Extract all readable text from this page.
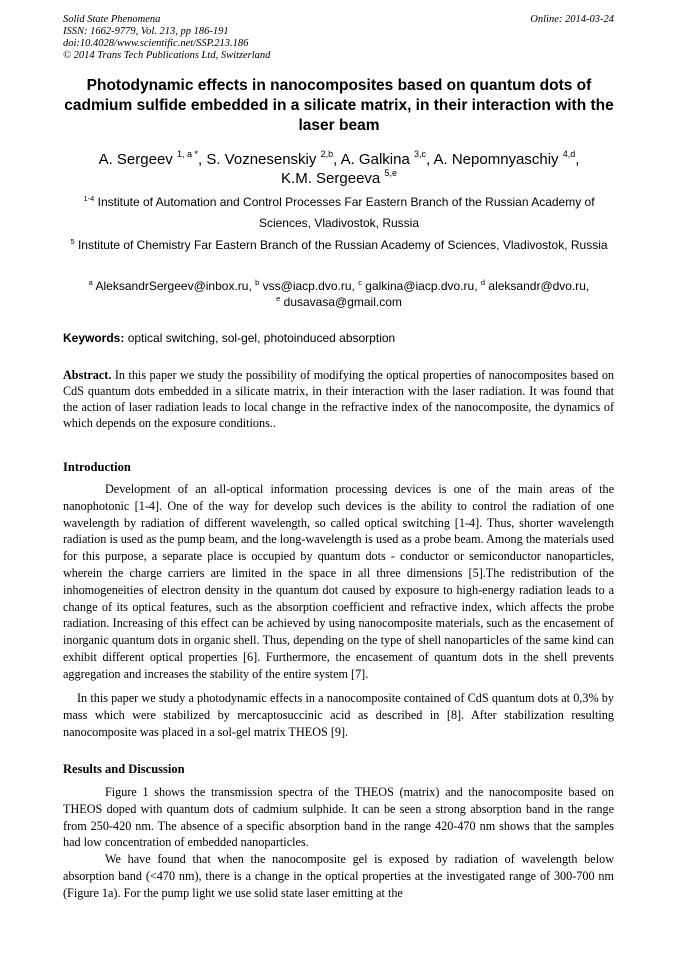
Solid State Phenomena
ISSN: 1662-9779, Vol. 213, pp 186-191
doi:10.4028/www.scientific.net/SSP.213.186
© 2014 Trans Tech Publications Ltd, Switzerland
Online: 2014-03-24
Photodynamic effects in nanocomposites based on quantum dots of cadmium sulfide embedded in a silicate matrix, in their interaction with the laser beam
A. Sergeev $^{1, a *}$, S. Voznesenskiy $^{2,b}$, A. Galkina $^{3,c}$, A. Nepomnyaschiy $^{4,d}$,
K.M. Sergeeva $^{5,e}$
$^{1-4}$ Institute of Automation and Control Processes Far Eastern Branch of the Russian Academy of Sciences, Vladivostok, Russia
$^5$ Institute of Chemistry Far Eastern Branch of the Russian Academy of Sciences, Vladivostok, Russia
$^a$ AleksandrSergeev@inbox.ru, $^b$ vss@iacp.dvo.ru, $^c$ galkina@iacp.dvo.ru, $^d$ aleksandr@dvo.ru,
$^e$ dusavasa@gmail.com
Keywords: optical switching, sol-gel, photoinduced absorption
Abstract. In this paper we study the possibility of modifying the optical properties of nanocomposites based on CdS quantum dots embedded in a silicate matrix, in their interaction with the laser radiation. It was found that the action of laser radiation leads to local change in the refractive index of the nanocomposite, the dynamics of which depends on the exposure conditions..
Introduction

Development of an all-optical information processing devices is one of the main areas of the nanophotonic [1-4]. One of the way for develop such devices is the ability to control the radiation of one wavelength by radiation of different wavelength, so called optical switching [1-4]. Thus, shorter wavelength radiation is used as the pump beam, and the long-wavelength is used as a probe beam. Among the materials used for this purpose, a separate place is occupied by quantum dots - conductor or semiconductor nanoparticles, wherein the charge carriers are limited in the space in all three dimensions [5].The redistribution of the inhomogeneities of electron density in the quantum dot caused by exposure to high-energy radiation leads to a change of its optical features, such as the absorption coefficient and refractive index, which affects the probe radiation. Increasing of this effect can be achieved by using nanocomposite materials, such as the encasement of inorganic quantum dots in organic shell. Thus, depending on the type of shell nanoparticles of the same kind can exhibit different optical properties [6]. Furthermore, the encasement of quantum dots in the shell prevents aggregation and increases the stability of the entire system [7].

In this paper we study a photodynamic effects in a nanocomposite contained of CdS quantum dots at 0,3% by mass which were stabilized by mercaptosuccinic acid as described in [8]. After stabilization resulting nanocomposite was placed in a sol-gel matrix THEOS [9].

Results and Discussion

Figure 1 shows the transmission spectra of the THEOS (matrix) and the nanocomposite based on THEOS doped with quantum dots of cadmium sulphide. It can be seen a strong absorption band in the range from 250-420 nm. The absence of a specific absorption band in the range 420-470 nm shows that the samples had low concentration of embedded nanoparticles.

We have found that when the nanocomposite gel is exposed by radiation of wavelength below absorption band (<470 nm), there is a change in the optical properties at the investigated range of 300-700 nm (Figure 1a). For the pump light we use solid state laser emitting at the
